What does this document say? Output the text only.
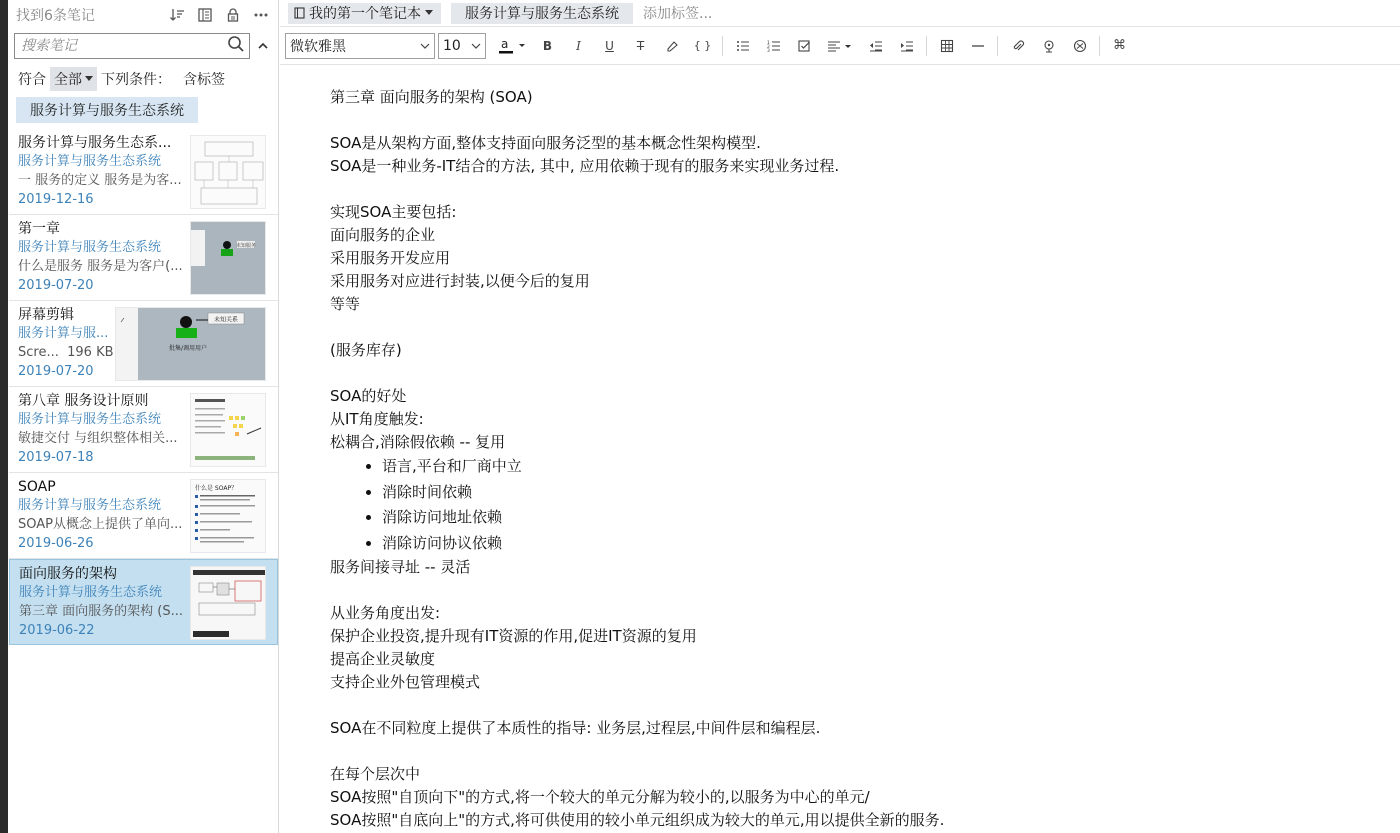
找到6条笔记
搜索笔记
符合 全部 下列条件： 含标签
服务计算与服务生态系统
服务计算与服务生态系...
服务计算与服务生态系统
一 服务的定义 服务是为客...
2019-12-16
第一章
服务计算与服务生态系统
什么是服务 服务是为客户(...
2019-07-20
未知服务
屏幕剪辑
服务计算与服...
Scre... 196 KB
2019-07-20
未知关系
批集/调用用户
第八章 服务设计原则
服务计算与服务生态系统
敏捷交付 与组织整体相关...
2019-07-18
SOAP
服务计算与服务生态系统
SOAP从概念上提供了单向...
2019-06-26
什么是 SOAP？
面向服务的架构
服务计算与服务生态系统
第三章 面向服务的架构 (S...
2019-06-22
我的第一个笔记本	服务计算与服务生态系统	添加标签...
微软雅黑	10	a	B I U T	{ }	1
2
3	⌘
第三章 面向服务的架构 (SOA)
SOA是从架构方面,整体支持面向服务泛型的基本概念性架构模型.
SOA是一种业务-IT结合的方法, 其中, 应用依赖于现有的服务来实现业务过程.
实现SOA主要包括:
面向服务的企业
采用服务开发应用
采用服务对应进行封装,以便今后的复用
等等
(服务库存)
SOA的好处
从IT角度触发:
松耦合,消除假依赖 -- 复用
• 语言,平台和厂商中立
• 消除时间依赖
• 消除访问地址依赖
• 消除访问协议依赖
服务间接寻址 -- 灵活
从业务角度出发:
保护企业投资,提升现有IT资源的作用,促进IT资源的复用
提高企业灵敏度
支持企业外包管理模式
SOA在不同粒度上提供了本质性的指导: 业务层,过程层,中间件层和编程层.
在每个层次中
SOA按照"自顶向下"的方式,将一个较大的单元分解为较小的,以服务为中心的单元/
SOA按照"自底向上"的方式,将可供使用的较小单元组织成为较大的单元,用以提供全新的服务.
